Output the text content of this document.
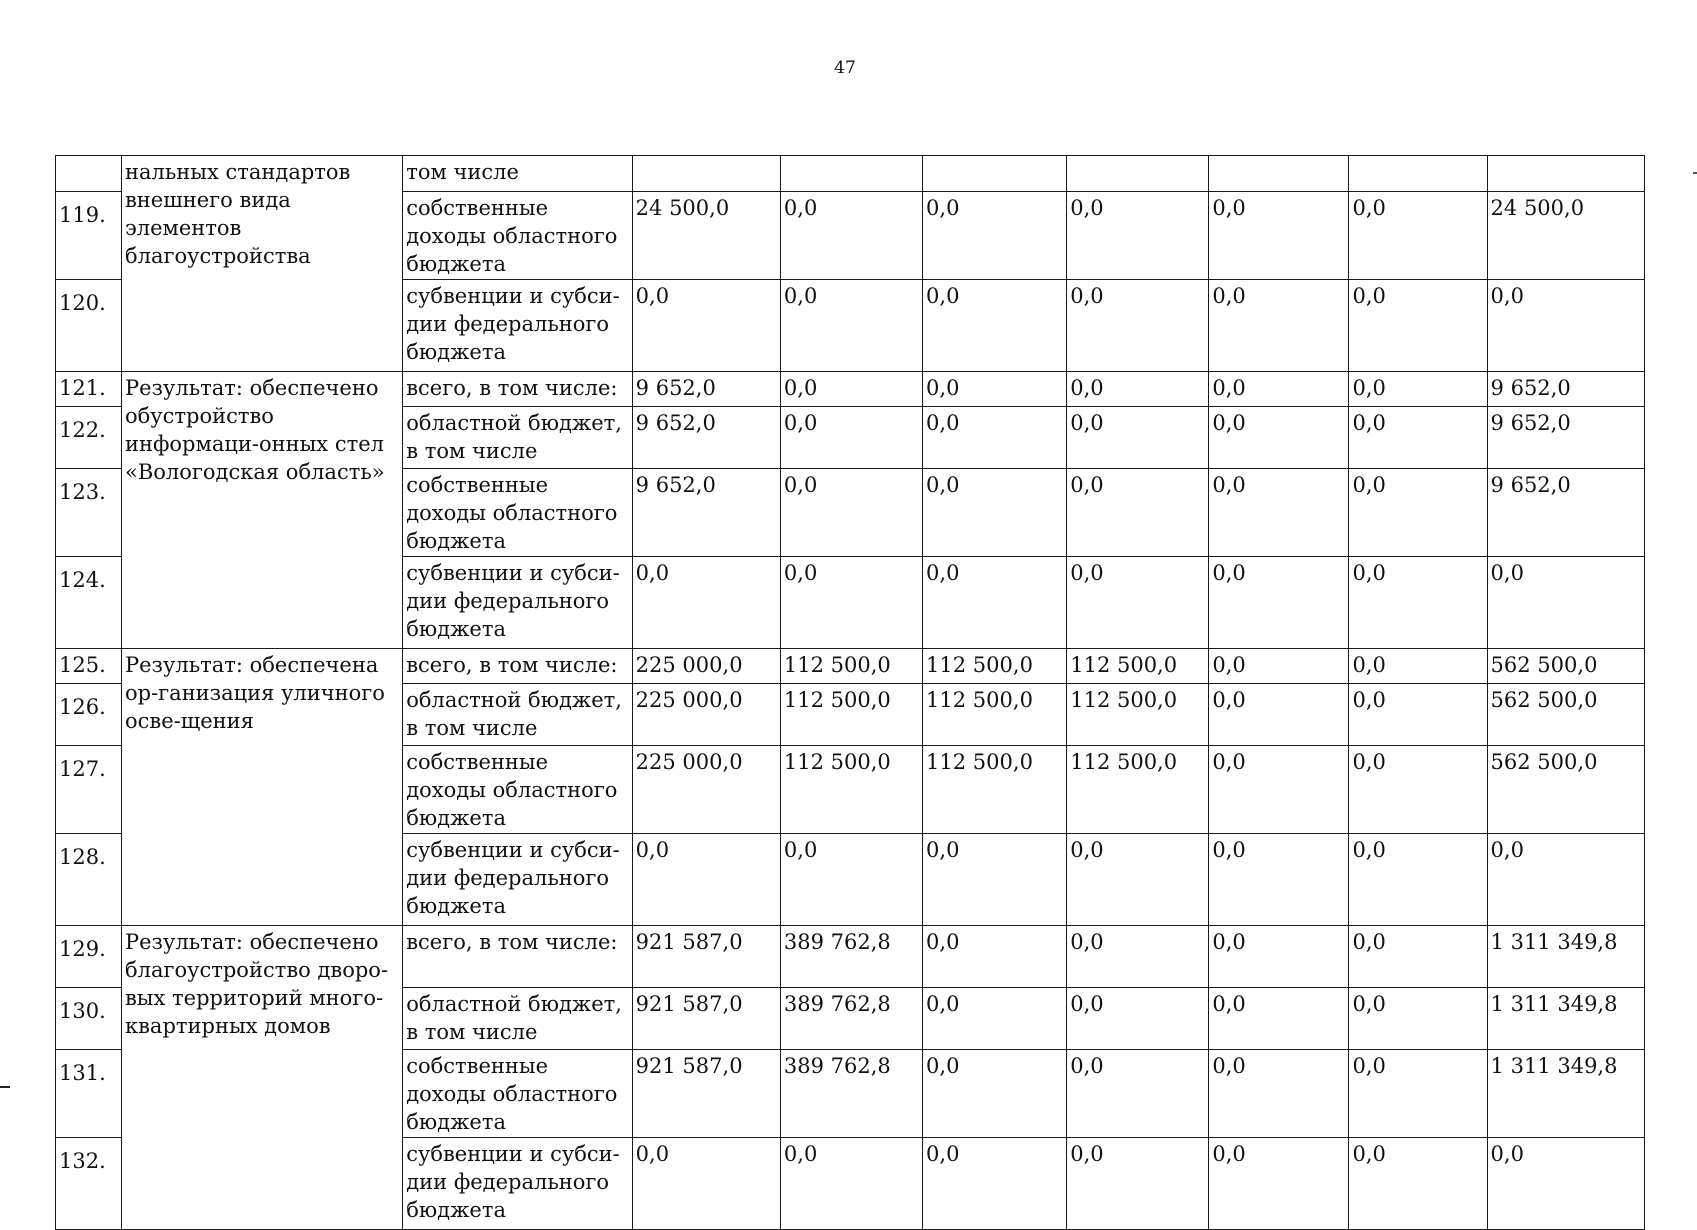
47
	нальных стандартов внешнего вида элементов благоустройства	том числе							
119.		собственные доходы областного бюджета	24 500,0	0,0	0,0	0,0	0,0	0,0	24 500,0
120.		субвенции и субси-дии федерального бюджета	0,0	0,0	0,0	0,0	0,0	0,0	0,0
121.	Результат: обеспечено обустройство информаци-онных стел «Вологодская область»	всего, в том числе:	9 652,0	0,0	0,0	0,0	0,0	0,0	9 652,0
122.		областной бюджет, в том числе	9 652,0	0,0	0,0	0,0	0,0	0,0	9 652,0
123.		собственные доходы областного бюджета	9 652,0	0,0	0,0	0,0	0,0	0,0	9 652,0
124.		субвенции и субси-дии федерального бюджета	0,0	0,0	0,0	0,0	0,0	0,0	0,0
125.	Результат: обеспечена ор-ганизация уличного осве-щения	всего, в том числе:	225 000,0	112 500,0	112 500,0	112 500,0	0,0	0,0	562 500,0
126.		областной бюджет, в том числе	225 000,0	112 500,0	112 500,0	112 500,0	0,0	0,0	562 500,0
127.		собственные доходы областного бюджета	225 000,0	112 500,0	112 500,0	112 500,0	0,0	0,0	562 500,0
128.		субвенции и субси-дии федерального бюджета	0,0	0,0	0,0	0,0	0,0	0,0	0,0
129.	Результат: обеспечено благоустройство дворо-вых территорий много-квартирных домов	всего, в том числе:	921 587,0	389 762,8	0,0	0,0	0,0	0,0	1 311 349,8
130.		областной бюджет, в том числе	921 587,0	389 762,8	0,0	0,0	0,0	0,0	1 311 349,8
131.		собственные доходы областного бюджета	921 587,0	389 762,8	0,0	0,0	0,0	0,0	1 311 349,8
132.		субвенции и субси-дии федерального бюджета	0,0	0,0	0,0	0,0	0,0	0,0	0,0
